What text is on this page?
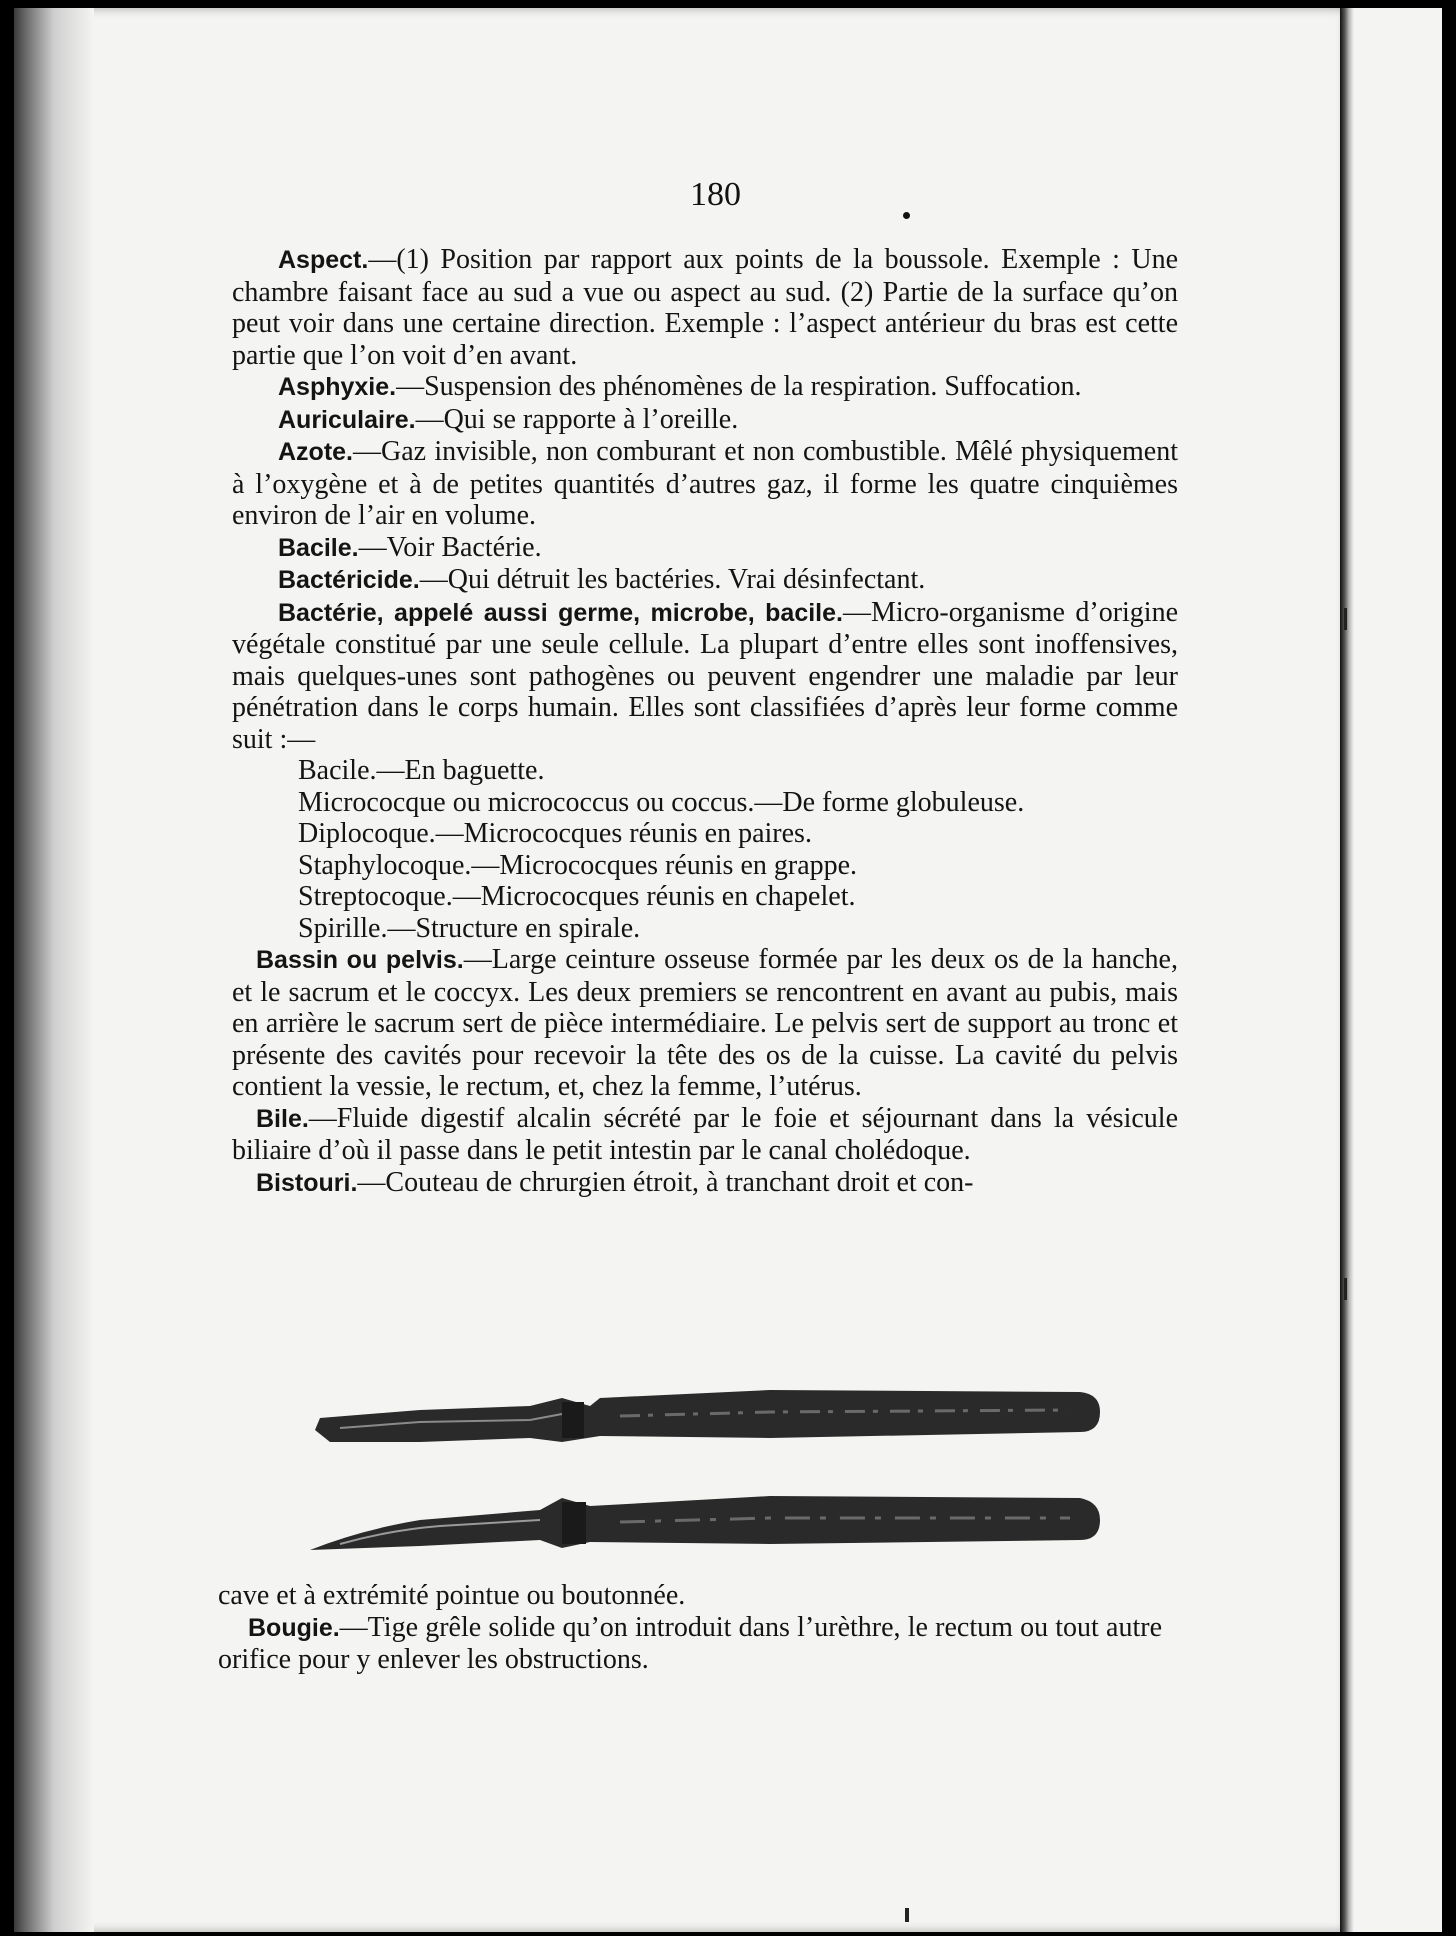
180

Aspect.—(1) Position par rapport aux points de la boussole. Exemple : Une chambre faisant face au sud a vue ou aspect au sud. (2) Partie de la surface qu’on peut voir dans une certaine direction. Exemple : l’aspect antérieur du bras est cette partie que l’on voit d’en avant.

Asphyxie.—Suspension des phénomènes de la respiration. Suffocation.

Auriculaire.—Qui se rapporte à l’oreille.

Azote.—Gaz invisible, non comburant et non combustible. Mêlé physiquement à l’oxygène et à de petites quantités d’autres gaz, il forme les quatre cinquièmes environ de l’air en volume.

Bacile.—Voir Bactérie.

Bactéricide.—Qui détruit les bactéries. Vrai désinfectant.

Bactérie, appelé aussi germe, microbe, bacile.—Micro-organisme d’origine végétale constitué par une seule cellule. La plupart d’entre elles sont inoffensives, mais quelques-unes sont pathogènes ou peuvent engendrer une maladie par leur pénétration dans le corps humain. Elles sont classifiées d’après leur forme comme suit :—

Bacile.—En baguette.

Micrococque ou micrococcus ou coccus.—De forme globuleuse.

Diplocoque.—Micrococques réunis en paires.

Staphylocoque.—Micrococques réunis en grappe.

Streptocoque.—Micrococques réunis en chapelet.

Spirille.—Structure en spirale.

Bassin ou pelvis.—Large ceinture osseuse formée par les deux os de la hanche, et le sacrum et le coccyx. Les deux premiers se rencontrent en avant au pubis, mais en arrière le sacrum sert de pièce intermédiaire. Le pelvis sert de support au tronc et présente des cavités pour recevoir la tête des os de la cuisse. La cavité du pelvis contient la vessie, le rectum, et, chez la femme, l’utérus.

Bile.—Fluide digestif alcalin sécrété par le foie et séjournant dans la vésicule biliaire d’où il passe dans le petit intestin par le canal cholédoque.

Bistouri.—Couteau de chrurgien étroit, à tranchant droit et con-

cave et à extrémité pointue ou boutonnée.

Bougie.—Tige grêle solide qu’on introduit dans l’urèthre, le rectum ou tout autre orifice pour y enlever les obstructions.
